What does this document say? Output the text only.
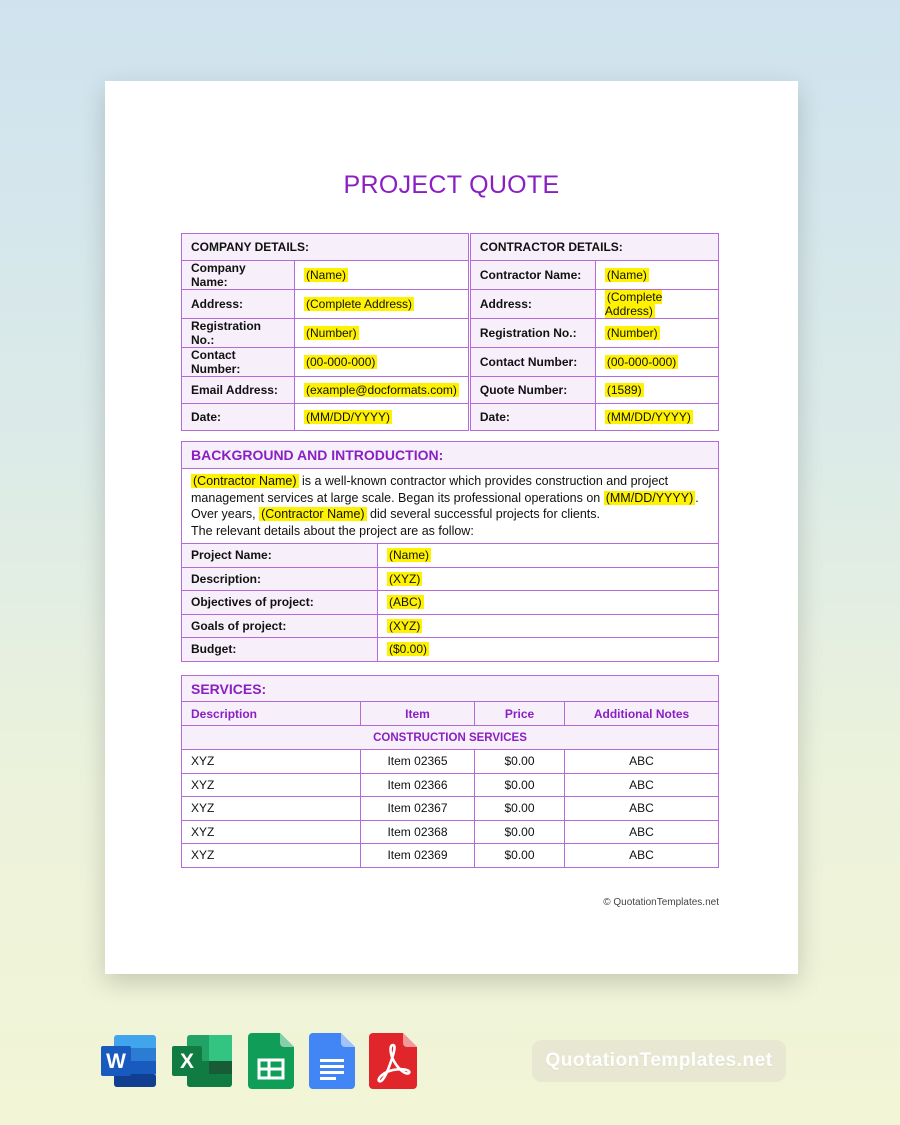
PROJECT QUOTE
COMPANY DETAILS:			CONTRACTOR DETAILS:	
Company Name:	(Name)		Contractor Name:	(Name)
Address:	(Complete Address)		Address:	(Complete Address)
Registration No.:	(Number)		Registration No.:	(Number)
Contact Number:	(00-000-000)		Contact Number:	(00-000-000)
Email Address:	(example@docformats.com)		Quote Number:	(1589)
Date:	(MM/DD/YYYY)		Date:	(MM/DD/YYYY)
BACKGROUND AND INTRODUCTION:	
(Contractor Name) is a well-known contractor which provides construction and project management services at large scale. Began its professional operations on (MM/DD/YYYY) .
Over years, (Contractor Name) did several successful projects for clients.
The relevant details about the project are as follow:	
Project Name:	(Name)
Description:	(XYZ)
Objectives of project:	(ABC)
Goals of project:	(XYZ)
Budget:	($0.00)
SERVICES:			
Description	Item	Price	Additional Notes
CONSTRUCTION SERVICES			
XYZ	Item 02365	$0.00	ABC
XYZ	Item 02366	$0.00	ABC
XYZ	Item 02367	$0.00	ABC
XYZ	Item 02368	$0.00	ABC
XYZ	Item 02369	$0.00	ABC
© QuotationTemplates.net
W	X	QuotationTemplates.net
